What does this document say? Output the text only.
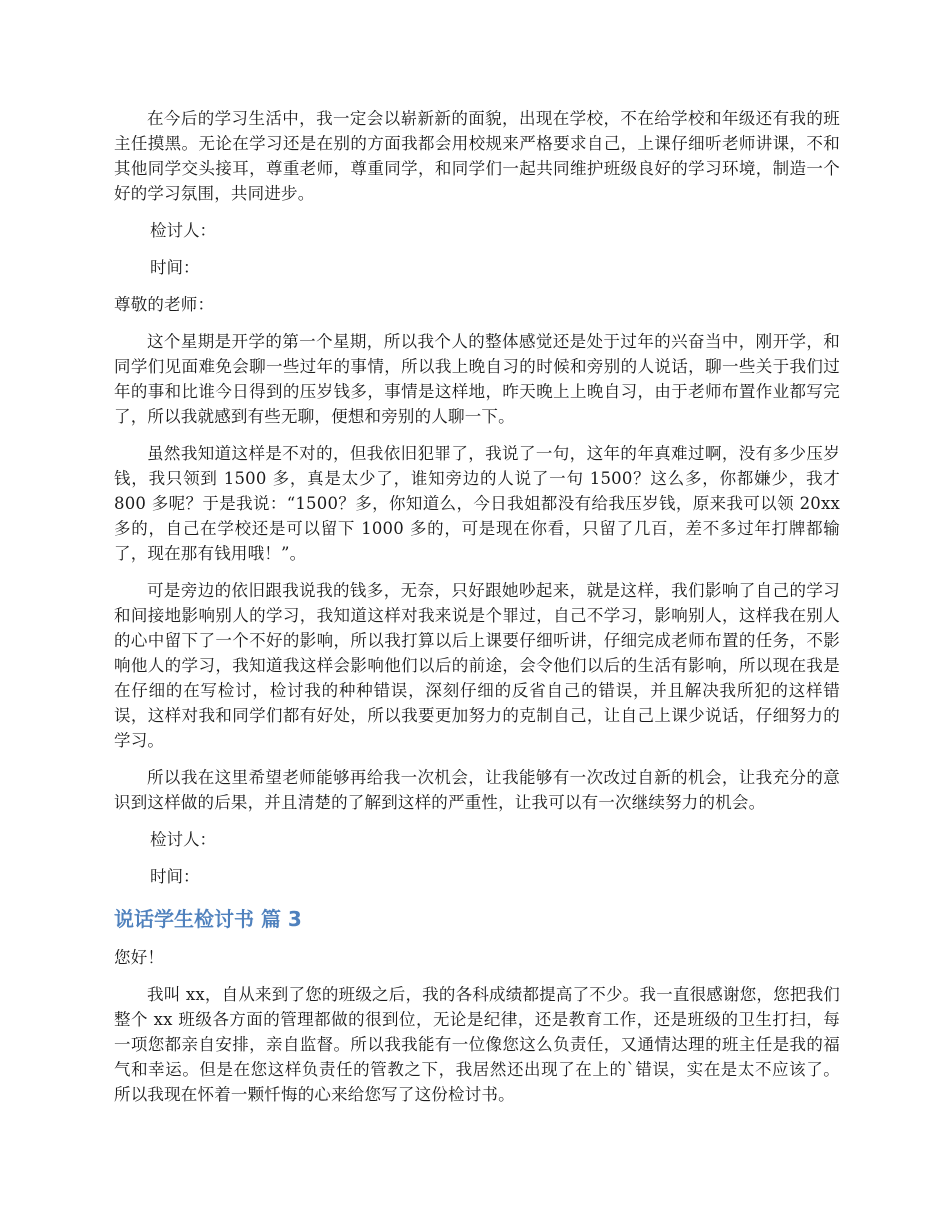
在今后的学习生活中，我一定会以崭新新的面貌，出现在学校，不在给学校和年级还有我的班主任摸黑。无论在学习还是在别的方面我都会用校规来严格要求自己，上课仔细听老师讲课，不和其他同学交头接耳，尊重老师，尊重同学，和同学们一起共同维护班级良好的学习环境，制造一个好的学习氛围，共同进步。

检讨人：

时间：

尊敬的老师：

这个星期是开学的第一个星期，所以我个人的整体感觉还是处于过年的兴奋当中，刚开学，和同学们见面难免会聊一些过年的事情，所以我上晚自习的时候和旁别的人说话，聊一些关于我们过年的事和比谁今日得到的压岁钱多，事情是这样地，昨天晚上上晚自习，由于老师布置作业都写完了，所以我就感到有些无聊，便想和旁别的人聊一下。

虽然我知道这样是不对的，但我依旧犯罪了，我说了一句，这年的年真难过啊，没有多少压岁钱，我只领到 1500 多，真是太少了，谁知旁边的人说了一句 1500？这么多，你都嫌少，我才 800 多呢？于是我说：“1500？多，你知道么，今日我姐都没有给我压岁钱，原来我可以领 20xx 多的，自己在学校还是可以留下 1000 多的，可是现在你看，只留了几百，差不多过年打牌都输了，现在那有钱用哦！”。

可是旁边的依旧跟我说我的钱多，无奈，只好跟她吵起来，就是这样，我们影响了自己的学习和间接地影响别人的学习，我知道这样对我来说是个罪过，自己不学习，影响别人，这样我在别人的心中留下了一个不好的影响，所以我打算以后上课要仔细听讲，仔细完成老师布置的任务，不影响他人的学习，我知道我这样会影响他们以后的前途，会令他们以后的生活有影响，所以现在我是在仔细的在写检讨，检讨我的种种错误，深刻仔细的反省自己的错误，并且解决我所犯的这样错误，这样对我和同学们都有好处，所以我要更加努力的克制自己，让自己上课少说话，仔细努力的学习。

所以我在这里希望老师能够再给我一次机会，让我能够有一次改过自新的机会，让我充分的意识到这样做的后果，并且清楚的了解到这样的严重性，让我可以有一次继续努力的机会。

检讨人：

时间：

说话学生检讨书 篇 3

您好！

我叫 xx，自从来到了您的班级之后，我的各科成绩都提高了不少。我一直很感谢您，您把我们整个 xx 班级各方面的管理都做的很到位，无论是纪律，还是教育工作，还是班级的卫生打扫，每一项您都亲自安排，亲自监督。所以我我能有一位像您这么负责任，又通情达理的班主任是我的福气和幸运。但是在您这样负责任的管教之下，我居然还出现了在上的`错误，实在是太不应该了。所以我现在怀着一颗忏悔的心来给您写了这份检讨书。
